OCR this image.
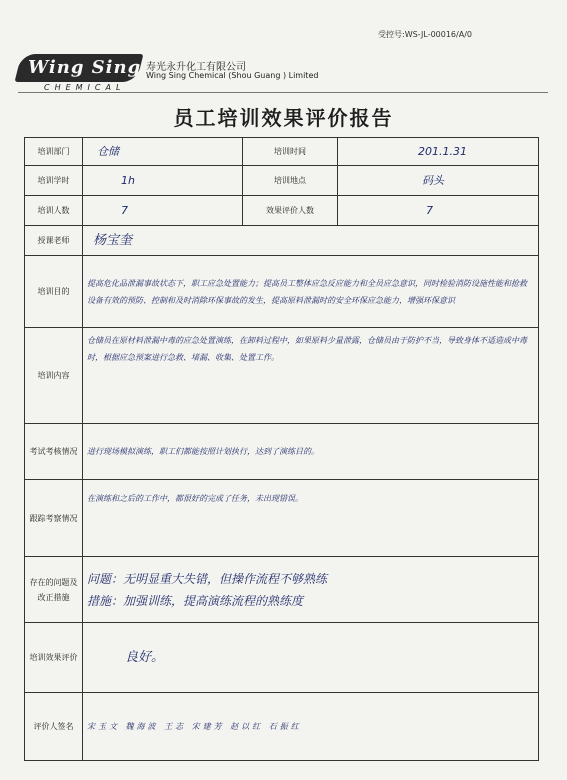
受控号:WS-JL-00016/A/0
Wing Sing
CHEMICAL
寿光永升化工有限公司
Wing Sing Chemical (Shou Guang ) Limited
员工培训效果评价报告
培训部门	仓储	培训时间	201.1.31
培训学时	1h	培训地点	码头
培训人数	7	效果评价人数	7
授课老师	杨宝奎		
培训目的	提高危化品泄漏事故状态下，职工应急处置能力；提高员工整体应急反应能力和全员应急意识，同时检验消防设施性能和抢救设备有效的预防、控制和及时消除环保事故的发生，提高原料泄漏时的安全环保应急能力，增强环保意识		
培训内容	仓储员在原材料泄漏中毒的应急处置演练，在卸料过程中，如果原料少量泄露，仓储员由于防护不当，导致身体不适造成中毒时，根据应急预案进行急救、堵漏、收集、处置工作。		
考试考核情况	进行现场模拟演练，职工们都能按照计划执行，达到了演练目的。		
跟踪考察情况	在演练和之后的工作中，都很好的完成了任务，未出现错误。		
存在的问题及改正措施	问题：无明显重大失错，但操作流程不够熟练
措施：加强训练，提高演练流程的熟练度		

培训效果评价	良好。		
评价人签名	宋玉文 魏海波 王志 宋建芳 赵以红 石振红		
